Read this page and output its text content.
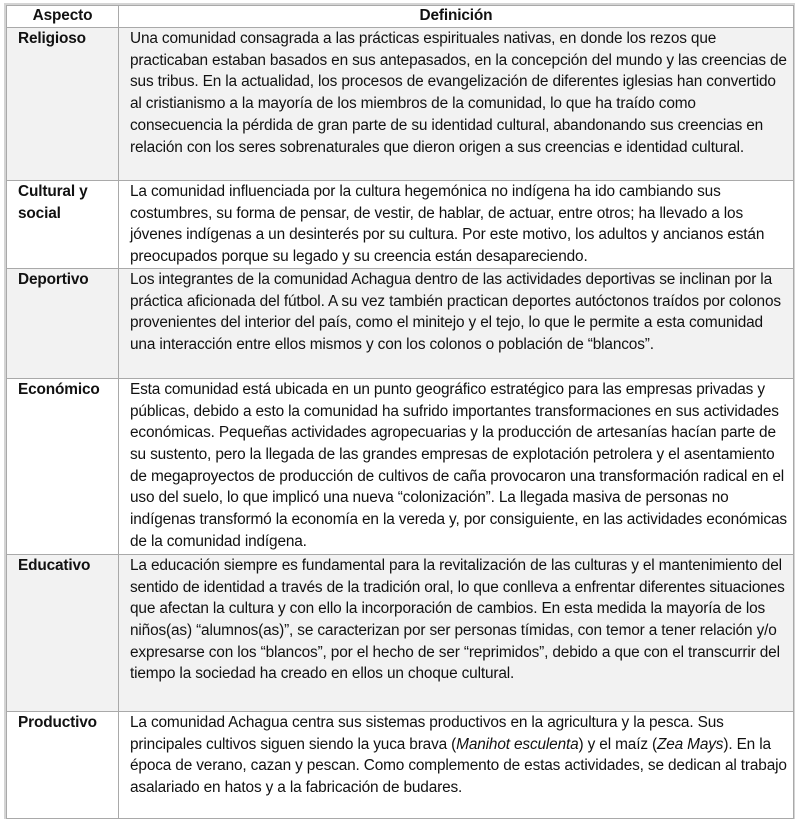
Aspecto	Definición
Religioso	Una comunidad consagrada a las prácticas espirituales nativas, en donde los rezos que practicaban estaban basados en sus antepasados, en la concepción del mundo y las creencias de sus tribus. En la actualidad, los procesos de evangelización de diferentes iglesias han convertido al cristianismo a la mayoría de los miembros de la comunidad, lo que ha traído como consecuencia la pérdida de gran parte de su identidad cultural, abandonando sus creencias en relación con los seres sobrenaturales que dieron origen a sus creencias e identidad cultural.
Cultural y social	La comunidad influenciada por la cultura hegemónica no indígena ha ido cambiando sus costumbres, su forma de pensar, de vestir, de hablar, de actuar, entre otros; ha llevado a los jóvenes indígenas a un desinterés por su cultura. Por este motivo, los adultos y ancianos están preocupados porque su legado y su creencia están desapareciendo.
Deportivo	Los integrantes de la comunidad Achagua dentro de las actividades deportivas se inclinan por la práctica aficionada del fútbol. A su vez también practican deportes autóctonos traídos por colonos provenientes del interior del país, como el minitejo y el tejo, lo que le permite a esta comunidad una interacción entre ellos mismos y con los colonos o población de “blancos”.
Económico	Esta comunidad está ubicada en un punto geográfico estratégico para las empresas privadas y públicas, debido a esto la comunidad ha sufrido importantes transformaciones en sus actividades económicas. Pequeñas actividades agropecuarias y la producción de artesanías hacían parte de su sustento, pero la llegada de las grandes empresas de explotación petrolera y el asentamiento de megaproyectos de producción de cultivos de caña provocaron una transformación radical en el uso del suelo, lo que implicó una nueva “colonización”. La llegada masiva de personas no indígenas transformó la economía en la vereda y, por consiguiente, en las actividades económicas de la comunidad indígena.
Educativo	La educación siempre es fundamental para la revitalización de las culturas y el mantenimiento del sentido de identidad a través de la tradición oral, lo que conlleva a enfrentar diferentes situaciones que afectan la cultura y con ello la incorporación de cambios. En esta medida la mayoría de los niños(as) “alumnos(as)”, se caracterizan por ser personas tímidas, con temor a tener relación y/o expresarse con los “blancos”, por el hecho de ser “reprimidos”, debido a que con el transcurrir del tiempo la sociedad ha creado en ellos un choque cultural.
Productivo	La comunidad Achagua centra sus sistemas productivos en la agricultura y la pesca. Sus principales cultivos siguen siendo la yuca brava (Manihot esculenta) y el maíz (Zea Mays). En la época de verano, cazan y pescan. Como complemento de estas actividades, se dedican al trabajo asalariado en hatos y a la fabricación de budares.
